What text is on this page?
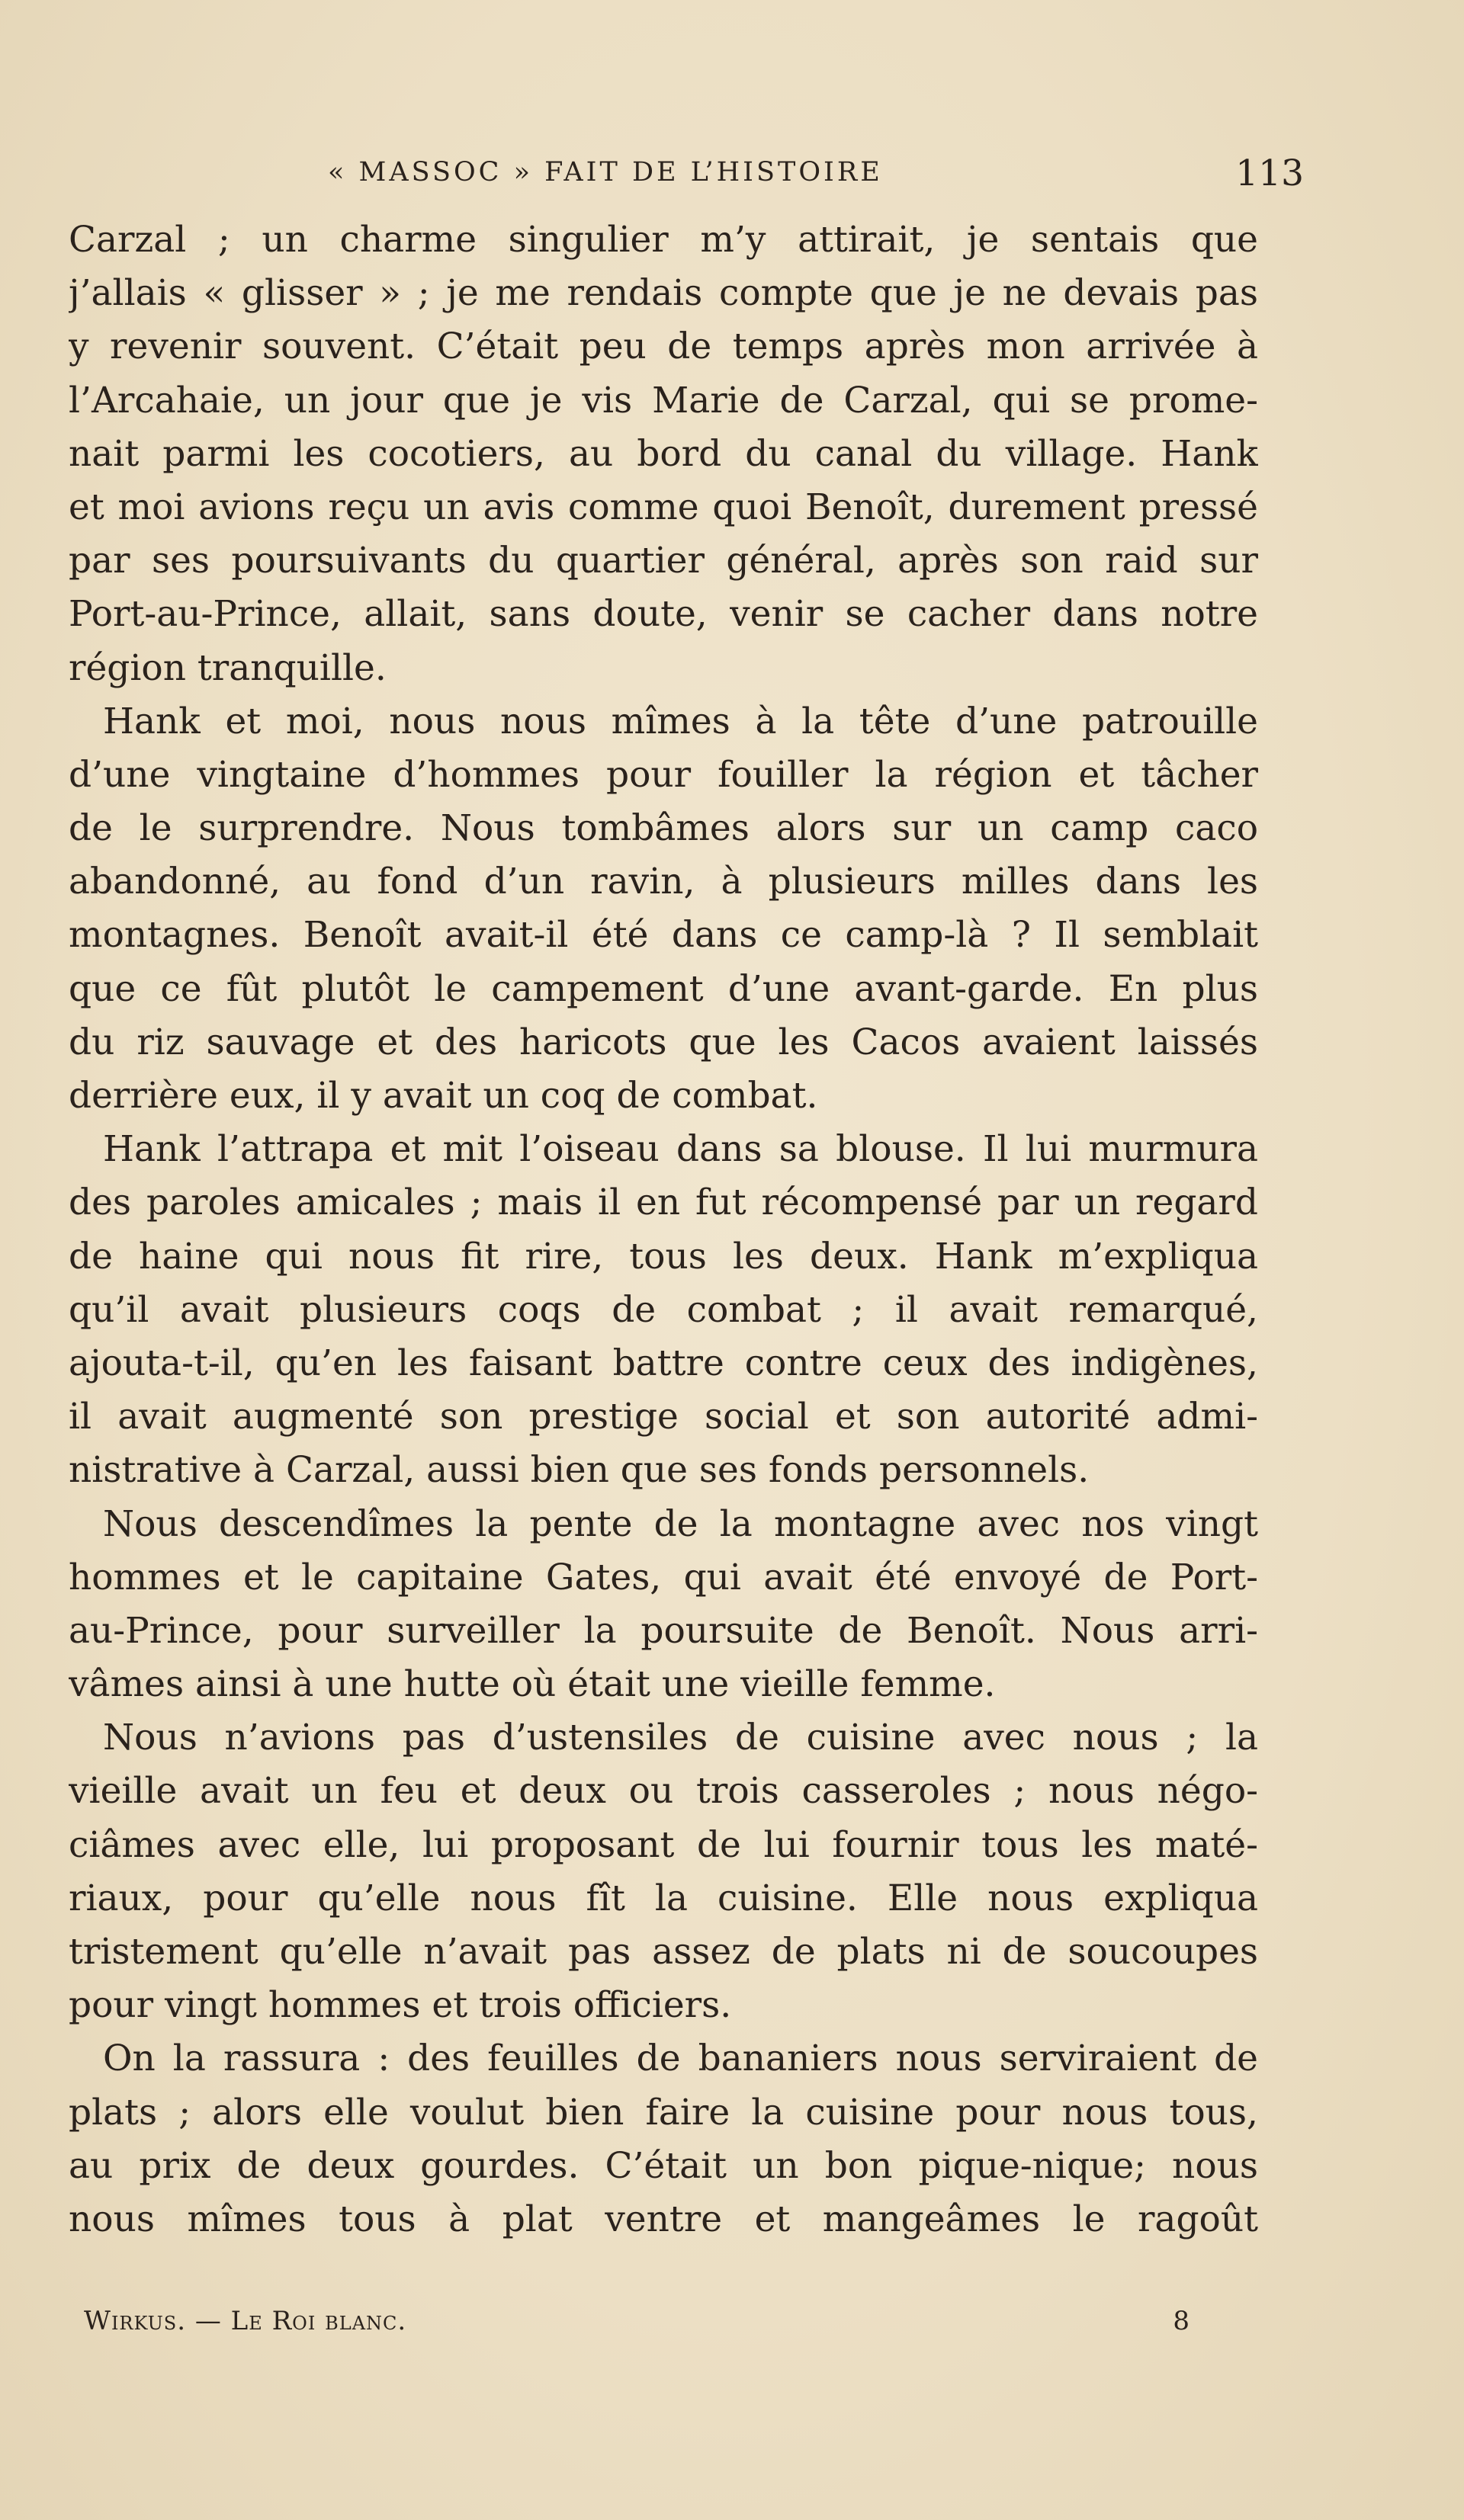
« MASSOC » FAIT DE L’HISTOIRE	113
Carzal ; un charme singulier m’y attirait, je sentais que
j’allais « glisser » ; je me rendais compte que je ne devais pas
y revenir souvent. C’était peu de temps après mon arrivée à
l’Arcahaie, un jour que je vis Marie de Carzal, qui se prome-
nait parmi les cocotiers, au bord du canal du village. Hank
et moi avions reçu un avis comme quoi Benoît, durement pressé
par ses poursuivants du quartier général, après son raid sur
Port-au-Prince, allait, sans doute, venir se cacher dans notre
région tranquille.
Hank et moi, nous nous mîmes à la tête d’une patrouille
d’une vingtaine d’hommes pour fouiller la région et tâcher
de le surprendre. Nous tombâmes alors sur un camp caco
abandonné, au fond d’un ravin, à plusieurs milles dans les
montagnes. Benoît avait-il été dans ce camp-là ? Il semblait
que ce fût plutôt le campement d’une avant-garde. En plus
du riz sauvage et des haricots que les Cacos avaient laissés
derrière eux, il y avait un coq de combat.
Hank l’attrapa et mit l’oiseau dans sa blouse. Il lui murmura
des paroles amicales ; mais il en fut récompensé par un regard
de haine qui nous fit rire, tous les deux. Hank m’expliqua
qu’il avait plusieurs coqs de combat ; il avait remarqué,
ajouta-t-il, qu’en les faisant battre contre ceux des indigènes,
il avait augmenté son prestige social et son autorité admi-
nistrative à Carzal, aussi bien que ses fonds personnels.
Nous descendîmes la pente de la montagne avec nos vingt
hommes et le capitaine Gates, qui avait été envoyé de Port-
au-Prince, pour surveiller la poursuite de Benoît. Nous arri-
vâmes ainsi à une hutte où était une vieille femme.
Nous n’avions pas d’ustensiles de cuisine avec nous ; la
vieille avait un feu et deux ou trois casseroles ; nous négo-
ciâmes avec elle, lui proposant de lui fournir tous les maté-
riaux, pour qu’elle nous fît la cuisine. Elle nous expliqua
tristement qu’elle n’avait pas assez de plats ni de soucoupes
pour vingt hommes et trois officiers.
On la rassura : des feuilles de bananiers nous serviraient de
plats ; alors elle voulut bien faire la cuisine pour nous tous,
au prix de deux gourdes. C’était un bon pique-nique; nous
nous mîmes tous à plat ventre et mangeâmes le ragoût
Wirkus. — Le Roi blanc.	8
